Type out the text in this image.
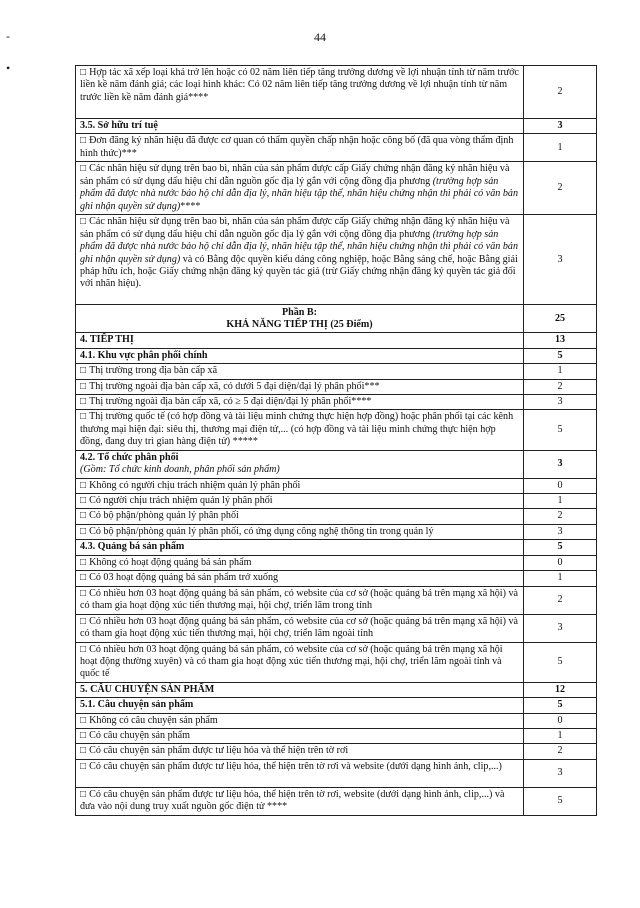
44
-
•	□ Hợp tác xã xếp loại khá trở lên hoặc có 02 năm liên tiếp tăng trưởng dương về lợi nhuận tính từ năm trước liền kề năm đánh giá; các loại hình khác: Có 02 năm liên tiếp tăng trưởng dương về lợi nhuận tính từ năm trước liền kề năm đánh giá****	2

3.5. Sở hữu trí tuệ	3
□ Đơn đăng ký nhãn hiệu đã được cơ quan có thẩm quyền chấp nhận hoặc công bố (đã qua vòng thẩm định hình thức)***	1
□ Các nhãn hiệu sử dụng trên bao bì, nhãn của sản phẩm được cấp Giấy chứng nhận đăng ký nhãn hiệu và sản phẩm có sử dụng dấu hiệu chỉ dẫn nguồn gốc địa lý gắn với cộng đồng địa phương (trường hợp sản phẩm đã được nhà nước bảo hộ chỉ dẫn địa lý, nhãn hiệu tập thể, nhãn hiệu chứng nhận thì phải có văn bản ghi nhận quyền sử dụng)****	2
□ Các nhãn hiệu sử dụng trên bao bì, nhãn của sản phẩm được cấp Giấy chứng nhận đăng ký nhãn hiệu và sản phẩm có sử dụng dấu hiệu chỉ dẫn nguồn gốc địa lý gắn với cộng đồng địa phương (trường hợp sản phẩm đã được nhà nước bảo hộ chỉ dẫn địa lý, nhãn hiệu tập thể, nhãn hiệu chứng nhận thì phải có văn bản ghi nhận quyền sử dụng) và có Bằng độc quyền kiểu dáng công nghiệp, hoặc Bằng sáng chế, hoặc Bằng giải pháp hữu ích, hoặc Giấy chứng nhận đăng ký quyền tác giả (trừ Giấy chứng nhận đăng ký quyền tác giả đối với nhãn hiệu).	3

Phần B:
KHẢ NĂNG TIẾP THỊ (25 Điểm)	25

4. TIẾP THỊ	13

4.1. Khu vực phân phối chính	5
□ Thị trường trong địa bàn cấp xã	1
□ Thị trường ngoài địa bàn cấp xã, có dưới 5 đại diện/đại lý phân phối***	2
□ Thị trường ngoài địa bàn cấp xã, có ≥ 5 đại diện/đại lý phân phối****	3
□ Thị trường quốc tế (có hợp đồng và tài liệu minh chứng thực hiện hợp đồng) hoặc phân phối tại các kênh thương mại hiện đại: siêu thị, thương mại điện tử,... (có hợp đồng và tài liệu minh chứng thực hiện hợp đồng, đang duy trì gian hàng điện tử) *****	5

4.2. Tổ chức phân phối
(Gồm: Tổ chức kinh doanh, phân phối sản phẩm)	3
□ Không có người chịu trách nhiệm quản lý phân phối	0
□ Có người chịu trách nhiệm quản lý phân phối	1
□ Có bộ phận/phòng quản lý phân phối	2
□ Có bộ phận/phòng quản lý phân phối, có ứng dụng công nghệ thông tin trong quản lý	3

4.3. Quảng bá sản phẩm	5
□ Không có hoạt động quảng bá sản phẩm	0
□ Có 03 hoạt động quảng bá sản phẩm trở xuống	1
□ Có nhiều hơn 03 hoạt động quảng bá sản phẩm, có website của cơ sở (hoặc quảng bá trên mạng xã hội) và có tham gia hoạt động xúc tiến thương mại, hội chợ, triển lãm trong tỉnh	2
□ Có nhiều hơn 03 hoạt động quảng bá sản phẩm, có website của cơ sở (hoặc quảng bá trên mạng xã hội) và có tham gia hoạt động xúc tiến thương mại, hội chợ, triển lãm ngoài tỉnh	3
□ Có nhiều hơn 03 hoạt động quảng bá sản phẩm, có website của cơ sở (hoặc quảng bá trên mạng xã hội hoạt động thường xuyên) và có tham gia hoạt động xúc tiến thương mại, hội chợ, triển lãm ngoài tỉnh và quốc tế	5

5. CÂU CHUYỆN SẢN PHẨM	12

5.1. Câu chuyện sản phẩm	5
□ Không có câu chuyện sản phẩm	0
□ Có câu chuyện sản phẩm	1
□ Có câu chuyện sản phẩm được tư liệu hóa và thể hiện trên tờ rơi	2
□ Có câu chuyện sản phẩm được tư liệu hóa, thể hiện trên tờ rơi và website (dưới dạng hình ảnh, clip,...)	3
□ Có câu chuyện sản phẩm được tư liệu hóa, thể hiện trên tờ rơi, website (dưới dạng hình ảnh, clip,...) và đưa vào nội dung truy xuất nguồn gốc điện tử ****	5
